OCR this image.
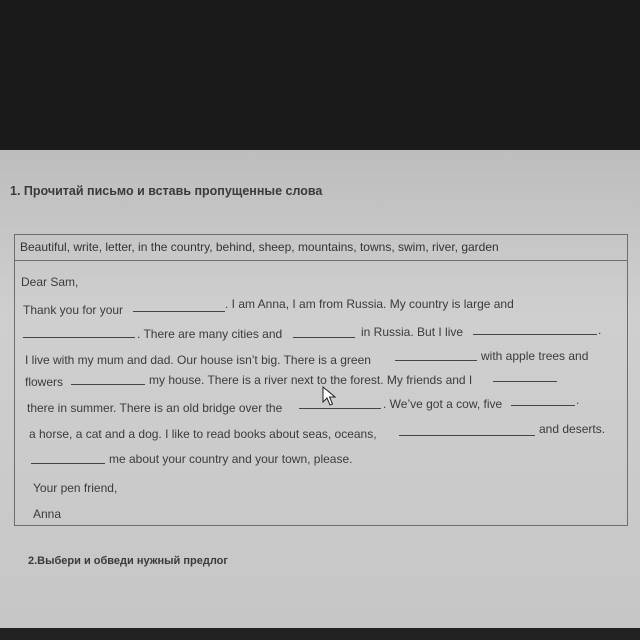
1. Прочитай письмо и вставь пропущенные слова
Beautiful, write, letter, in the country, behind, sheep, mountains, towns, swim, river, garden
Dear Sam,
Thank you for your	. I am Anna, I am from Russia. My country is large and
. There are many cities and	in Russia. But I live	.
I live with my mum and dad. Our house isn’t big. There is a green	with apple trees and
flowers	my house. There is a river next to the forest. My friends and I
there in summer. There is an old bridge over the	. We’ve got a cow, five	.
a horse, a cat and a dog. I like to read books about seas, oceans,	and deserts.
me about your country and your town, please.
Your pen friend,
Anna
2.Выбери и обведи нужный предлог
